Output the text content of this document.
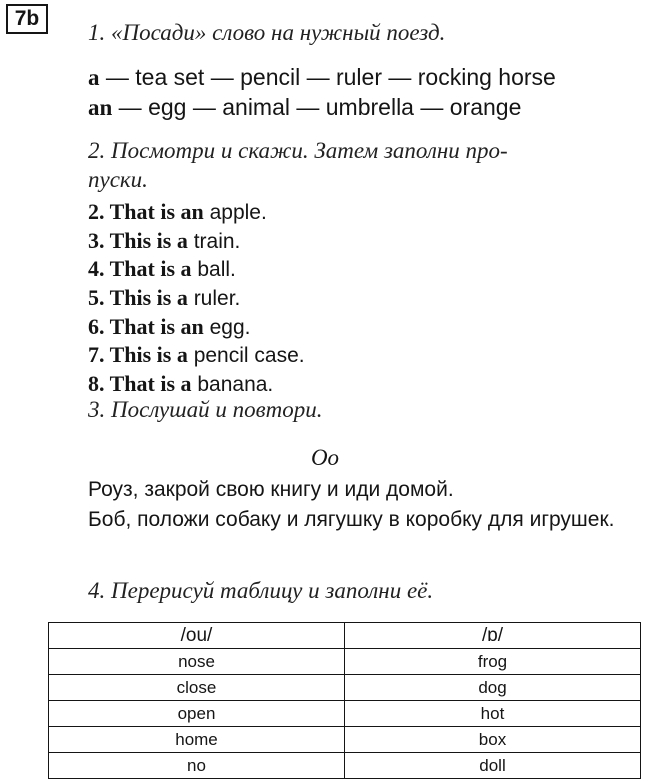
7b
1. «Посади» слово на нужный поезд.
a — tea set — pencil — ruler — rocking horse
an — egg — animal — umbrella — orange
2. Посмотри и скажи. Затем заполни про-
пуски.
2. That is an apple.
3. This is a train.
4. That is a ball.
5. This is a ruler.
6. That is an egg.
7. This is a pencil case.
8. That is a banana.
3. Послушай и повтори.
Oo
Роуз, закрой свою книгу и иди домой.
Боб, положи собаку и лягушку в коробку для игрушек.
4. Перерисуй таблицу и заполни её.
/ou/	/ɒ/
nose	frog
close	dog
open	hot
home	box
no	doll
